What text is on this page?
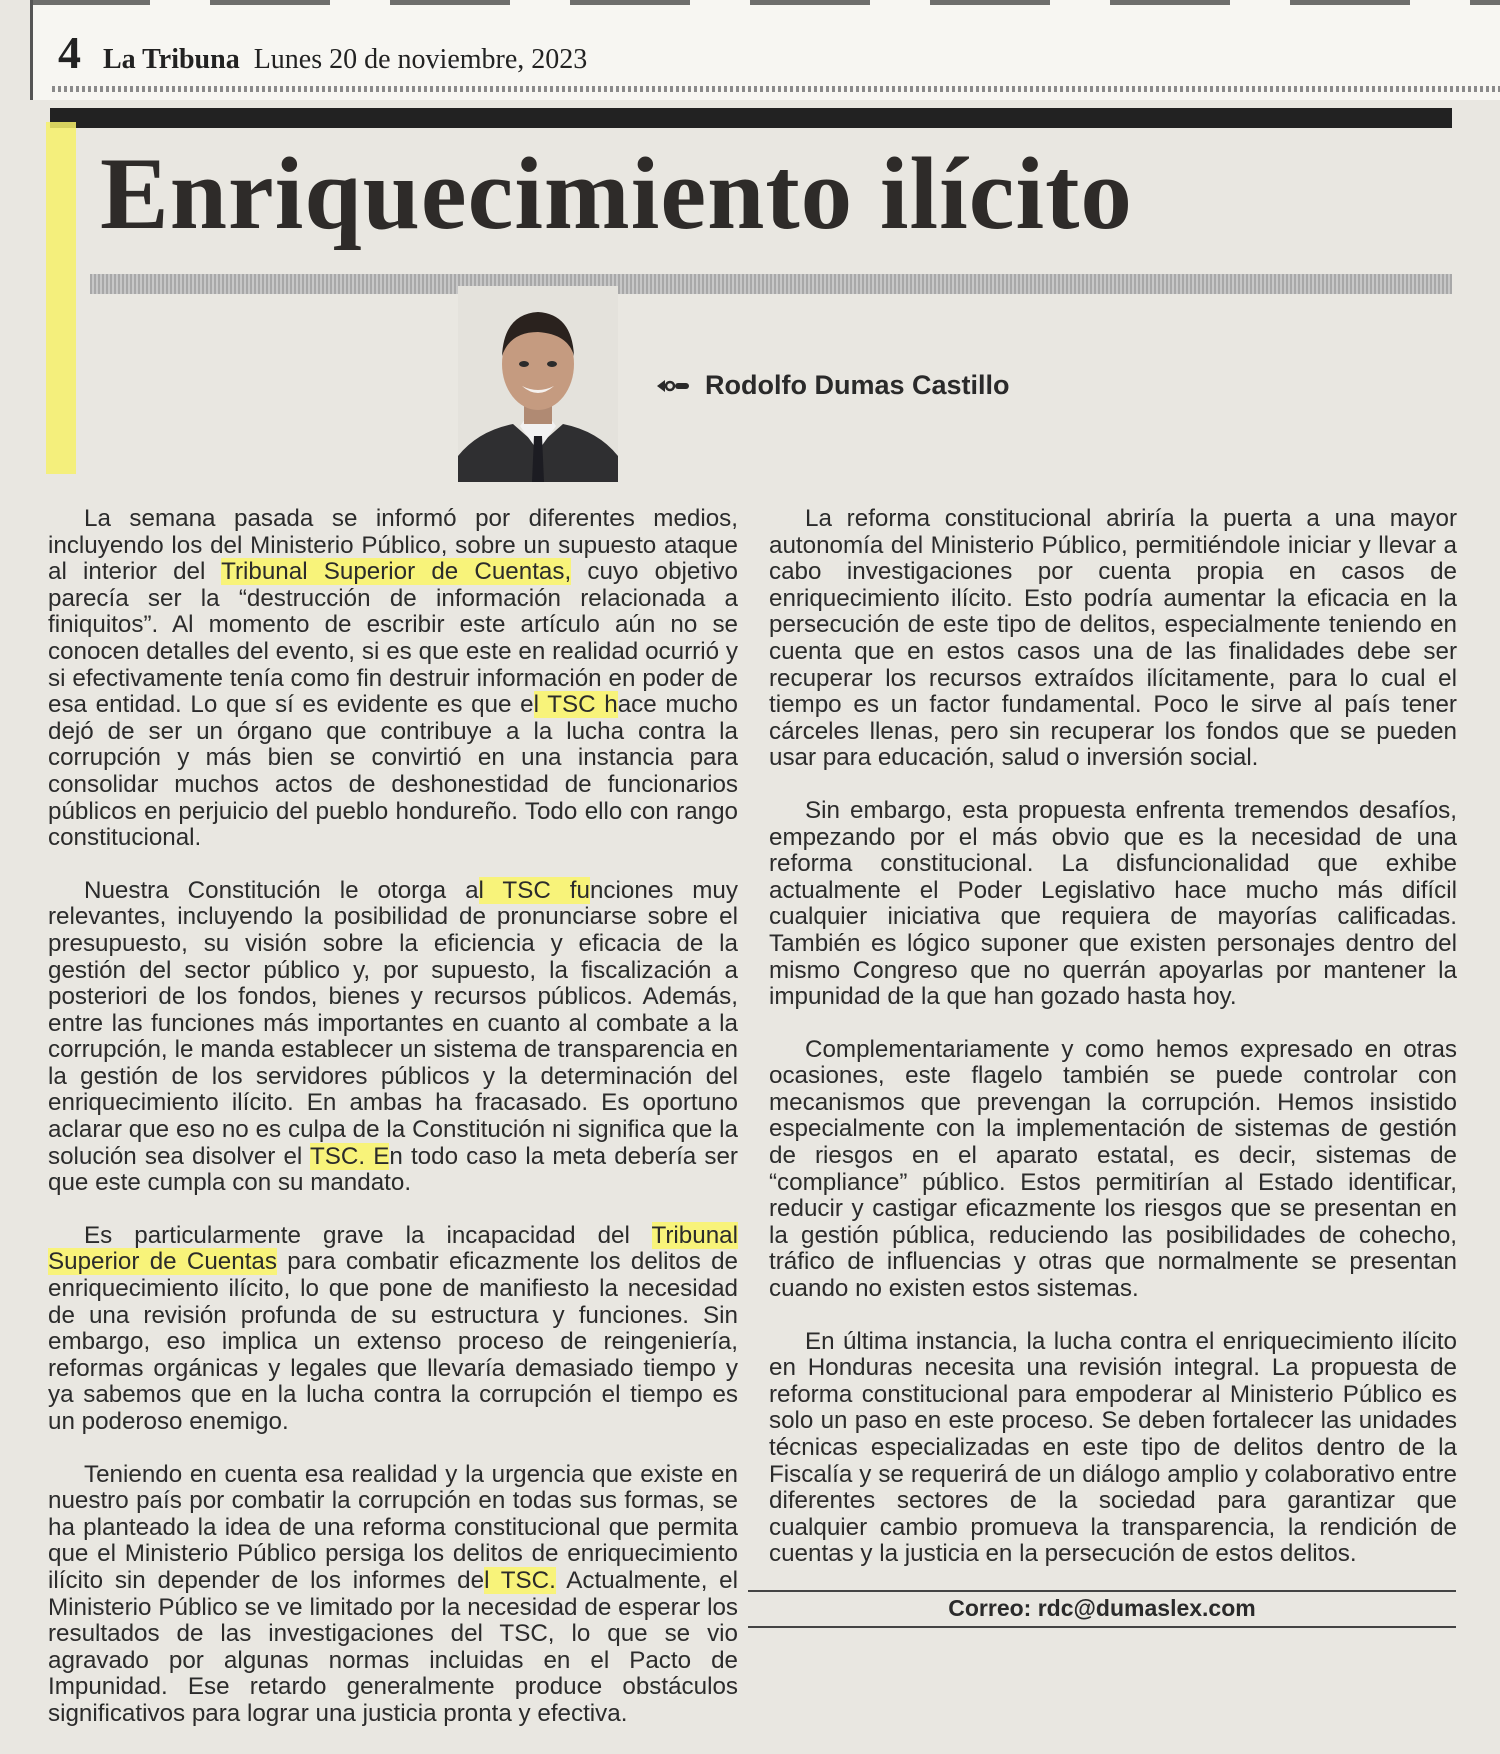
4 La Tribuna Lunes 20 de noviembre, 2023
Enriquecimiento ilícito
Rodolfo Dumas Castillo

La semana pasada se informó por diferentes medios, incluyendo los del Ministerio Público, sobre un supuesto ataque al interior del Tribunal Superior de Cuentas, cuyo objetivo parecía ser la “destrucción de información relacionada a finiquitos”. Al momento de escribir este artículo aún no se conocen detalles del evento, si es que este en realidad ocurrió y si efectivamente tenía como fin destruir información en poder de esa entidad. Lo que sí es evidente es que el TSC hace mucho dejó de ser un órgano que contribuye a la lucha contra la corrupción y más bien se convirtió en una instancia para consolidar muchos actos de deshonestidad de funcionarios públicos en perjuicio del pueblo hondureño. Todo ello con rango constitucional.

Nuestra Constitución le otorga al TSC funciones muy relevantes, incluyendo la posibilidad de pronunciarse sobre el presupuesto, su visión sobre la eficiencia y eficacia de la gestión del sector público y, por supuesto, la fiscalización a posteriori de los fondos, bienes y recursos públicos. Además, entre las funciones más importantes en cuanto al combate a la corrupción, le manda establecer un sistema de transparencia en la gestión de los servidores públicos y la determinación del enriquecimiento ilícito. En ambas ha fracasado. Es oportuno aclarar que eso no es culpa de la Constitución ni significa que la solución sea disolver el TSC. En todo caso la meta debería ser que este cumpla con su mandato.

Es particularmente grave la incapacidad del Tribunal Superior de Cuentas para combatir eficazmente los delitos de enriquecimiento ilícito, lo que pone de manifiesto la necesidad de una revisión profunda de su estructura y funciones. Sin embargo, eso implica un extenso proceso de reingeniería, reformas orgánicas y legales que llevaría demasiado tiempo y ya sabemos que en la lucha contra la corrupción el tiempo es un poderoso enemigo.

Teniendo en cuenta esa realidad y la urgencia que existe en nuestro país por combatir la corrupción en todas sus formas, se ha planteado la idea de una reforma constitucional que permita que el Ministerio Público persiga los delitos de enriquecimiento ilícito sin depender de los informes del TSC. Actualmente, el Ministerio Público se ve limitado por la necesidad de esperar los resultados de las investigaciones del TSC, lo que se vio agravado por algunas normas incluidas en el Pacto de Impunidad. Ese retardo generalmente produce obstáculos significativos para lograr una justicia pronta y efectiva.

La reforma constitucional abriría la puerta a una mayor autonomía del Ministerio Público, permitiéndole iniciar y llevar a cabo investigaciones por cuenta propia en casos de enriquecimiento ilícito. Esto podría aumentar la eficacia en la persecución de este tipo de delitos, especialmente teniendo en cuenta que en estos casos una de las finalidades debe ser recuperar los recursos extraídos ilícitamente, para lo cual el tiempo es un factor fundamental. Poco le sirve al país tener cárceles llenas, pero sin recuperar los fondos que se pueden usar para educación, salud o inversión social.

Sin embargo, esta propuesta enfrenta tremendos desafíos, empezando por el más obvio que es la necesidad de una reforma constitucional. La disfuncionalidad que exhibe actualmente el Poder Legislativo hace mucho más difícil cualquier iniciativa que requiera de mayorías calificadas. También es lógico suponer que existen personajes dentro del mismo Congreso que no querrán apoyarlas por mantener la impunidad de la que han gozado hasta hoy.

Complementariamente y como hemos expresado en otras ocasiones, este flagelo también se puede controlar con mecanismos que prevengan la corrupción. Hemos insistido especialmente con la implementación de sistemas de gestión de riesgos en el aparato estatal, es decir, sistemas de “compliance” público. Estos permitirían al Estado identificar, reducir y castigar eficazmente los riesgos que se presentan en la gestión pública, reduciendo las posibilidades de cohecho, tráfico de influencias y otras que normalmente se presentan cuando no existen estos sistemas.

En última instancia, la lucha contra el enriquecimiento ilícito en Honduras necesita una revisión integral. La propuesta de reforma constitucional para empoderar al Ministerio Público es solo un paso en este proceso. Se deben fortalecer las unidades técnicas especializadas en este tipo de delitos dentro de la Fiscalía y se requerirá de un diálogo amplio y colaborativo entre diferentes sectores de la sociedad para garantizar que cualquier cambio promueva la transparencia, la rendición de cuentas y la justicia en la persecución de estos delitos.

Correo: rdc@dumaslex.com
